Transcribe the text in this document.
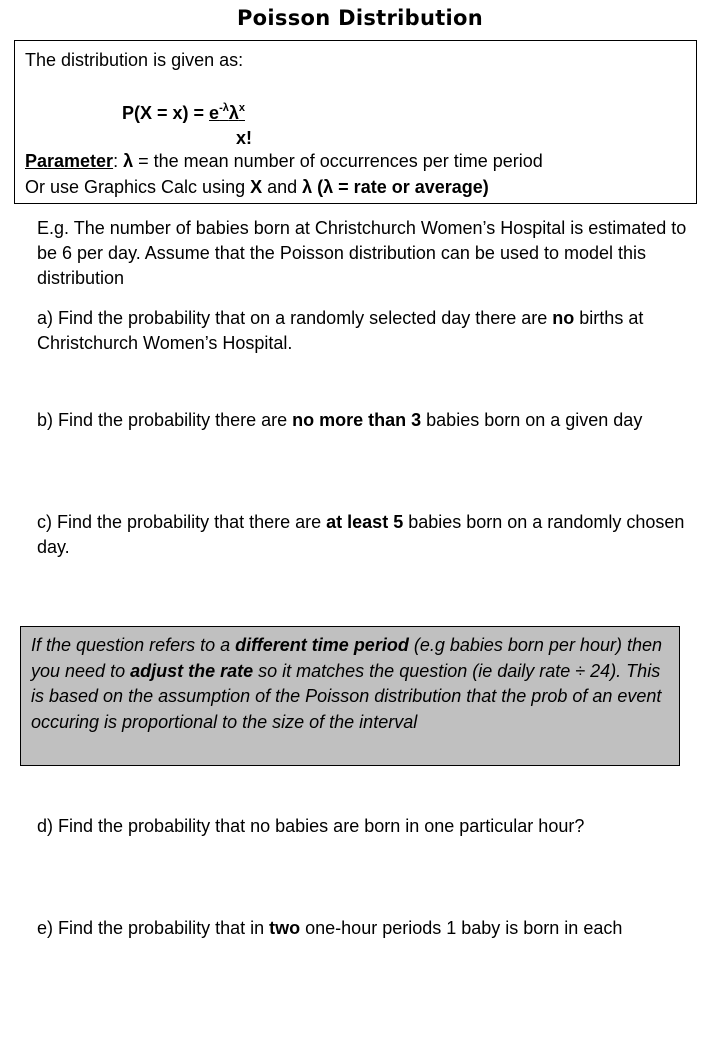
Poisson Distribution
The distribution is given as:
$P(X = x) = e^{-\lambda}\lambda^x$
x!
Parameter: λ = the mean number of occurrences per time period
Or use Graphics Calc using X and λ (λ = rate or average)
E.g. The number of babies born at Christchurch Women’s Hospital is estimated to be 6 per day. Assume that the Poisson distribution can be used to model this distribution
a) Find the probability that on a randomly selected day there are no births at Christchurch Women’s Hospital.
b) Find the probability there are no more than 3 babies born on a given day
c) Find the probability that there are at least 5 babies born on a randomly chosen day.
If the question refers to a different time period (e.g babies born per hour) then you need to adjust the rate so it matches the question (ie daily rate ÷ 24). This is based on the assumption of the Poisson distribution that the prob of an event occuring is proportional to the size of the interval
d) Find the probability that no babies are born in one particular hour?
e) Find the probability that in two one-hour periods 1 baby is born in each
